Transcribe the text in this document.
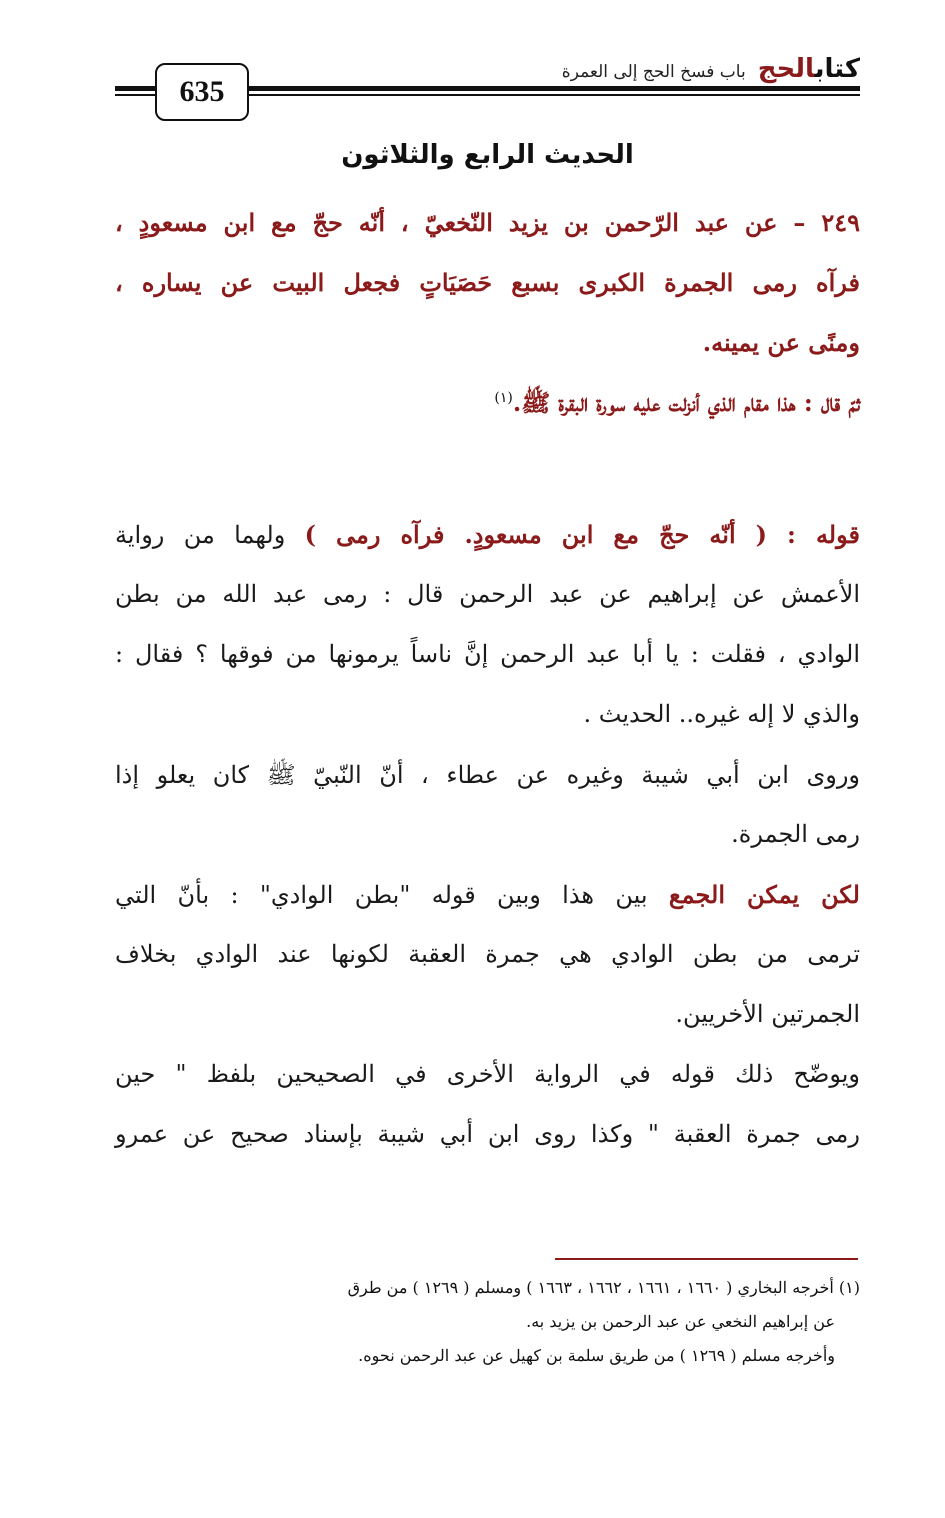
635
كتابالحج
باب فسخ الحج إلى العمرة
الحديث الرابع والثلاثون
٢٤٩ – عن عبد الرّحمن بن يزيد النّخعيّ ، أنّه حجّ مع ابن مسعودٍ ،
فرآه رمى الجمرة الكبرى بسبع حَصَيَاتٍ فجعل البيت عن يساره ،
ومنًى عن يمينه.
ثمّ قال : هذا مقام الذي أنزلت عليه سورة البقرة ﷺ.$^{(١)}$
قوله : ( أنّه حجّ مع ابن مسعودٍ. فرآه رمى ) ولهما من رواية
الأعمش عن إبراهيم عن عبد الرحمن قال : رمى عبد الله من بطن
الوادي ، فقلت : يا أبا عبد الرحمن إنَّ ناساً يرمونها من فوقها ؟ فقال :
والذي لا إله غيره.. الحديث .
وروى ابن أبي شيبة وغيره عن عطاء ، أنّ النّبيّ ﷺ كان يعلو إذا
رمى الجمرة.
لكن يمكن الجمع بين هذا وبين قوله "بطن الوادي" : بأنّ التي
ترمى من بطن الوادي هي جمرة العقبة لكونها عند الوادي بخلاف
الجمرتين الأخريين.
ويوضّح ذلك قوله في الرواية الأخرى في الصحيحين بلفظ " حين
رمى جمرة العقبة " وكذا روى ابن أبي شيبة بإسناد صحيح عن عمرو
(١) أخرجه البخاري ( ١٦٦٠ ، ١٦٦١ ، ١٦٦٢ ، ١٦٦٣ ) ومسلم ( ١٢٦٩ ) من طرق
عن إبراهيم النخعي عن عبد الرحمن بن يزيد به.
وأخرجه مسلم ( ١٢٦٩ ) من طريق سلمة بن كهيل عن عبد الرحمن نحوه.
